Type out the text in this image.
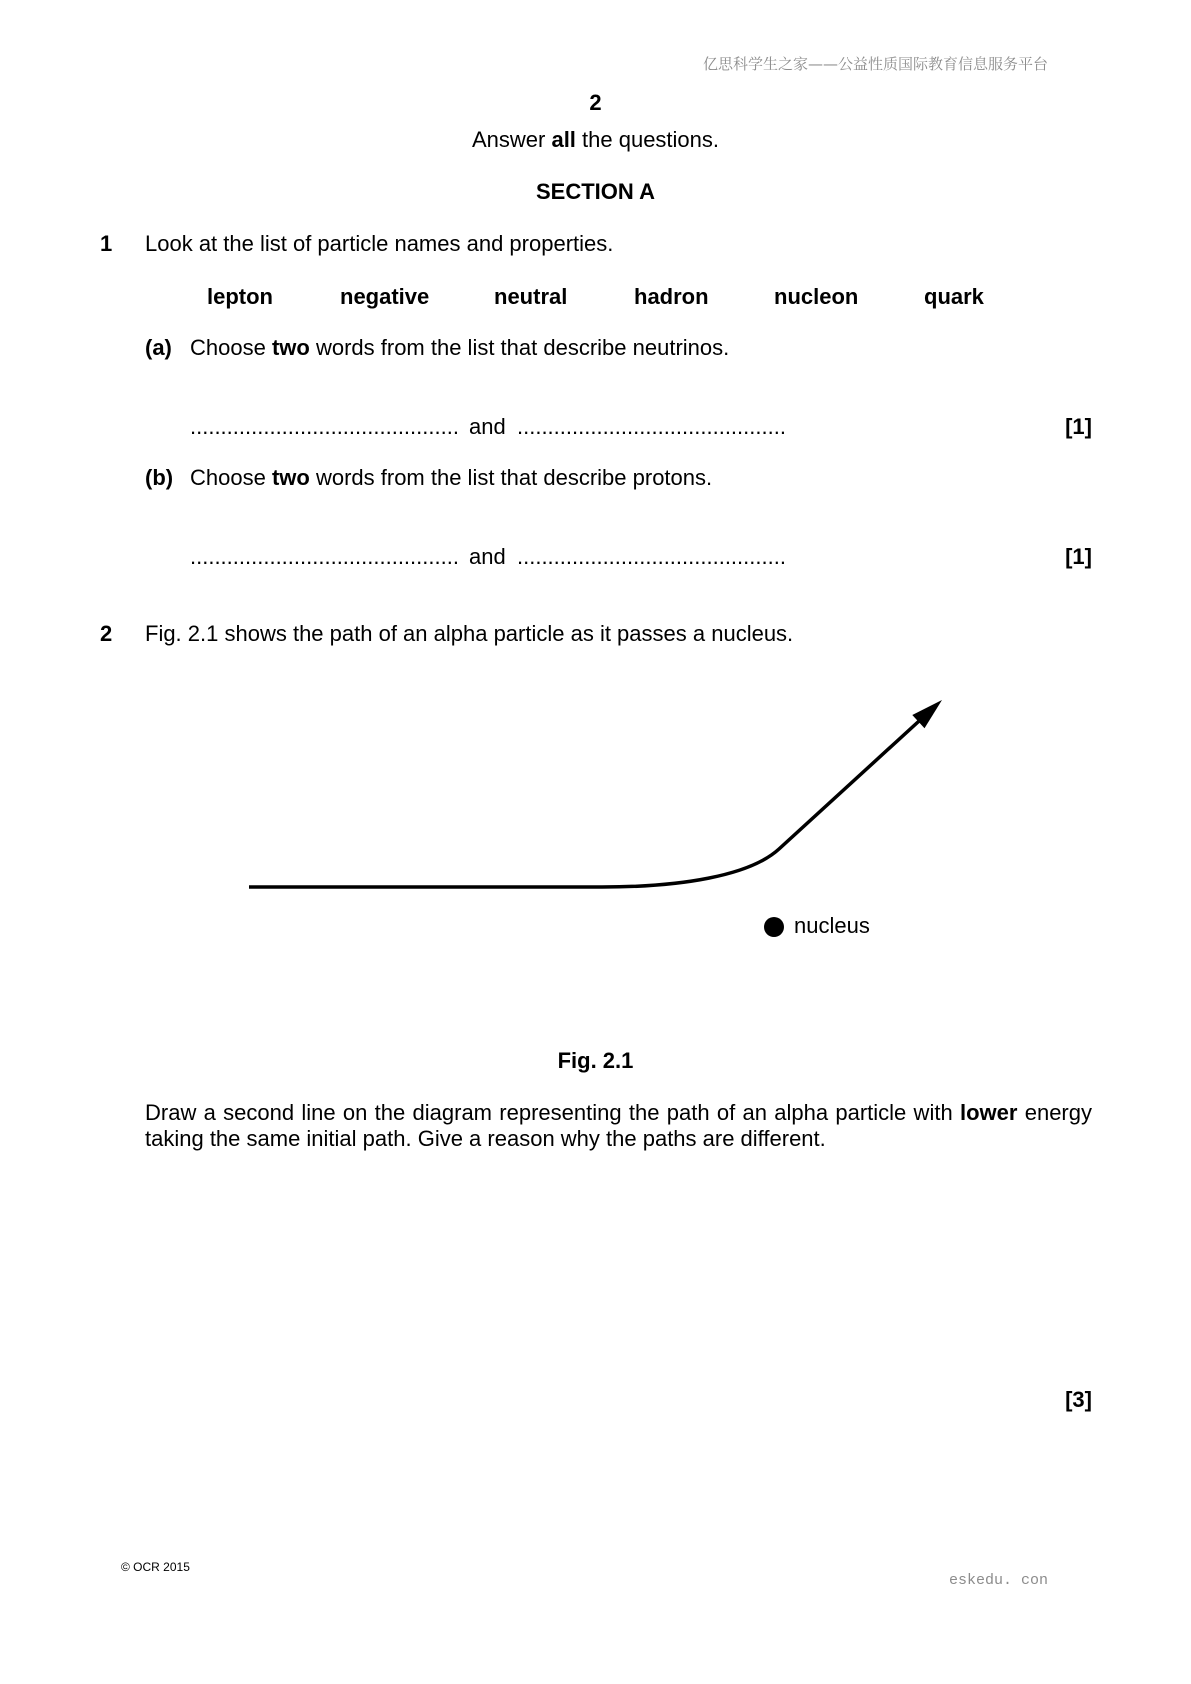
亿思科学生之家——公益性质国际教育信息服务平台
2
Answer all the questions.
SECTION A
1 Look at the list of particle names and properties.
lepton	negative	neutral	hadron	nucleon	quark
(a) Choose two words from the list that describe neutrinos.
............................................ and ............................................	[1]
(b) Choose two words from the list that describe protons.
............................................ and ............................................	[1]
2 Fig. 2.1 shows the path of an alpha particle as it passes a nucleus.
nucleus
Fig. 2.1
Draw a second line on the diagram representing the path of an alpha particle with lower energy
taking the same initial path. Give a reason why the paths are different.
[3]
© OCR 2015
eskedu. con
